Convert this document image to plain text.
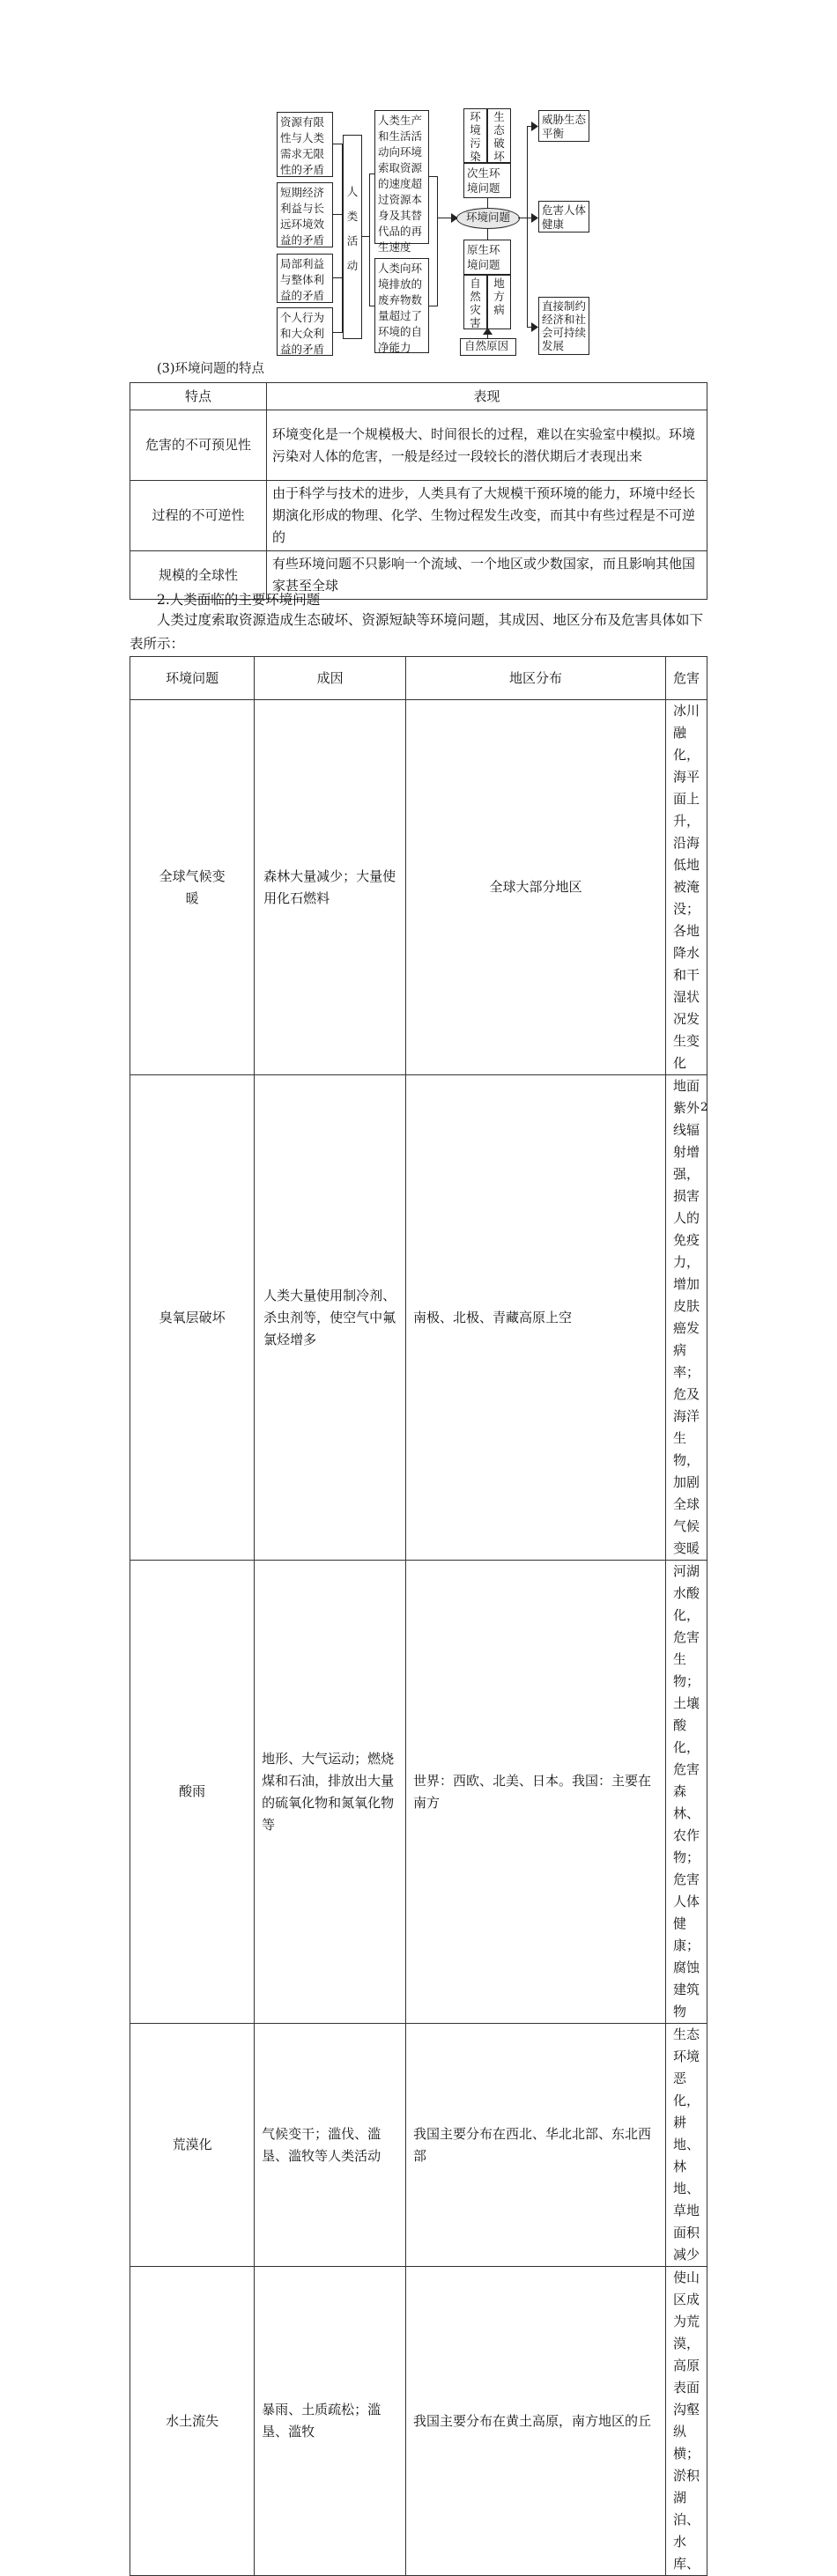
资源有限性与人类需求无限性的矛盾
短期经济利益与长远环境效益的矛盾
局部利益与整体利益的矛盾
个人行为和大众利益的矛盾
人类活动
人类生产和生活活动向环境索取资源的速度超过资源本身及其替代品的再生速度
人类向环境排放的废弃物数量超过了环境的自净能力
环境污染
生态破坏
次生环境问题
环境问题
原生环境问题
自然灾害
地方病
自然原因
威胁生态平衡
危害人体健康
直接制约经济和社会可持续发展
(3)环境问题的特点
特点	表现
危害的不可预见性	环境变化是一个规模极大、时间很长的过程，难以在实验室中模拟。环境污染对人体的危害，一般是经过一段较长的潜伏期后才表现出来
过程的不可逆性	由于科学与技术的进步，人类具有了大规模干预环境的能力，环境中经长期演化形成的物理、化学、生物过程发生改变，而其中有些过程是不可逆的
规模的全球性	有些环境问题不只影响一个流域、一个地区或少数国家，而且影响其他国家甚至全球
2.人类面临的主要环境问题
人类过度索取资源造成生态破坏、资源短缺等环境问题，其成因、地区分布及危害具体如下表所示：
环境问题	成因	地区分布	危害
全球气候变暖	森林大量减少；大量使用化石燃料	全球大部分地区	冰川融化，海平面上升，沿海低地被淹没；各地降水和干湿状况发生变化
臭氧层破坏	人类大量使用制冷剂、杀虫剂等，使空气中氟氯烃增多	南极、北极、青藏高原上空	地面紫外线辐射增强，损害人的免疫力，增加皮肤癌发病率；危及海洋生物，加剧全球气候变暖
酸雨	地形、大气运动；燃烧煤和石油，排放出大量的硫氧化物和氮氧化物等	世界：西欧、北美、日本。我国：主要在南方	河湖水酸化，危害生物；土壤酸化，危害森林、农作物；危害人体健康；腐蚀建筑物
荒漠化	气候变干；滥伐、滥垦、滥牧等人类活动	我国主要分布在西北、华北北部、东北西部	生态环境恶化，耕地、林地、草地面积减少
水土流失	暴雨、土质疏松；滥垦、滥牧	我国主要分布在黄土高原，南方地区的丘	使山区成为荒漠，高原表面沟壑纵横；淤积湖泊、水库、
2
